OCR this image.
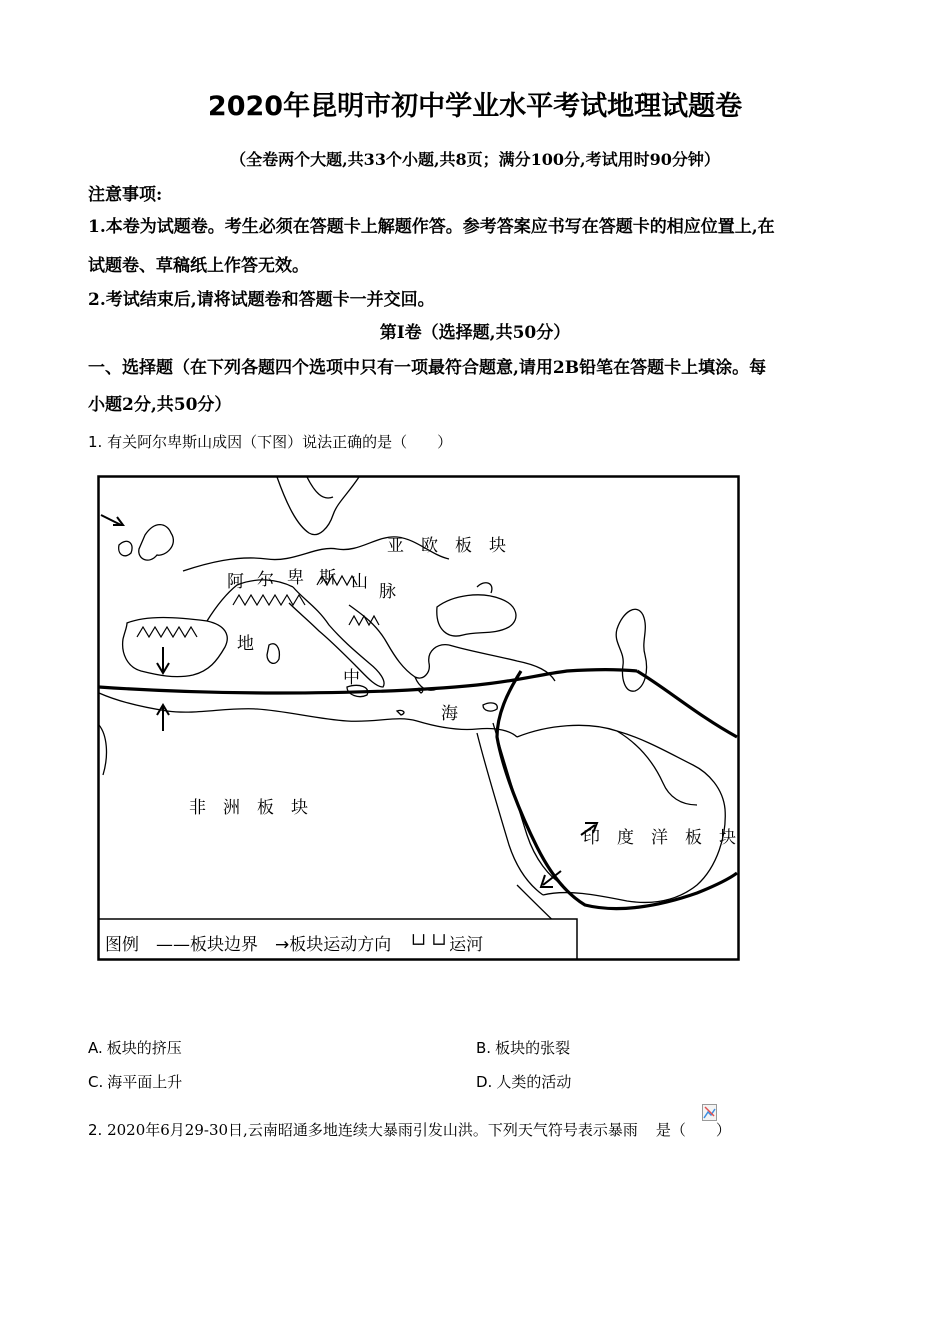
2020年昆明市初中学业水平考试地理试题卷
（全卷两个大题,共33个小题,共8页；满分100分,考试用时90分钟）
注意事项:
1.本卷为试题卷。考生必须在答题卡上解题作答。参考答案应书写在答题卡的相应位置上,在
试题卷、草稿纸上作答无效。
2.考试结束后,请将试题卷和答题卡一并交回。
第Ⅰ卷（选择题,共50分）
一、选择题（在下列各题四个选项中只有一项最符合题意,请用2B铅笔在答题卡上填涂。每
小题2分,共50分）
1. 有关阿尔卑斯山成因（下图）说法正确的是（　　）
亚　欧　板　块
阿 尔 卑 斯 山 脉
地
中
海
非　洲　板　块
印　度　洋　板　块
图例　——板块边界　→板块运动方向　└┘└┘运河
A. 板块的挤压	B. 板块的张裂
C. 海平面上升	D. 人类的活动
2. 2020年6月29-30日,云南昭通多地连续大暴雨引发山洪。下列天气符号表示暴雨 是（　　）
